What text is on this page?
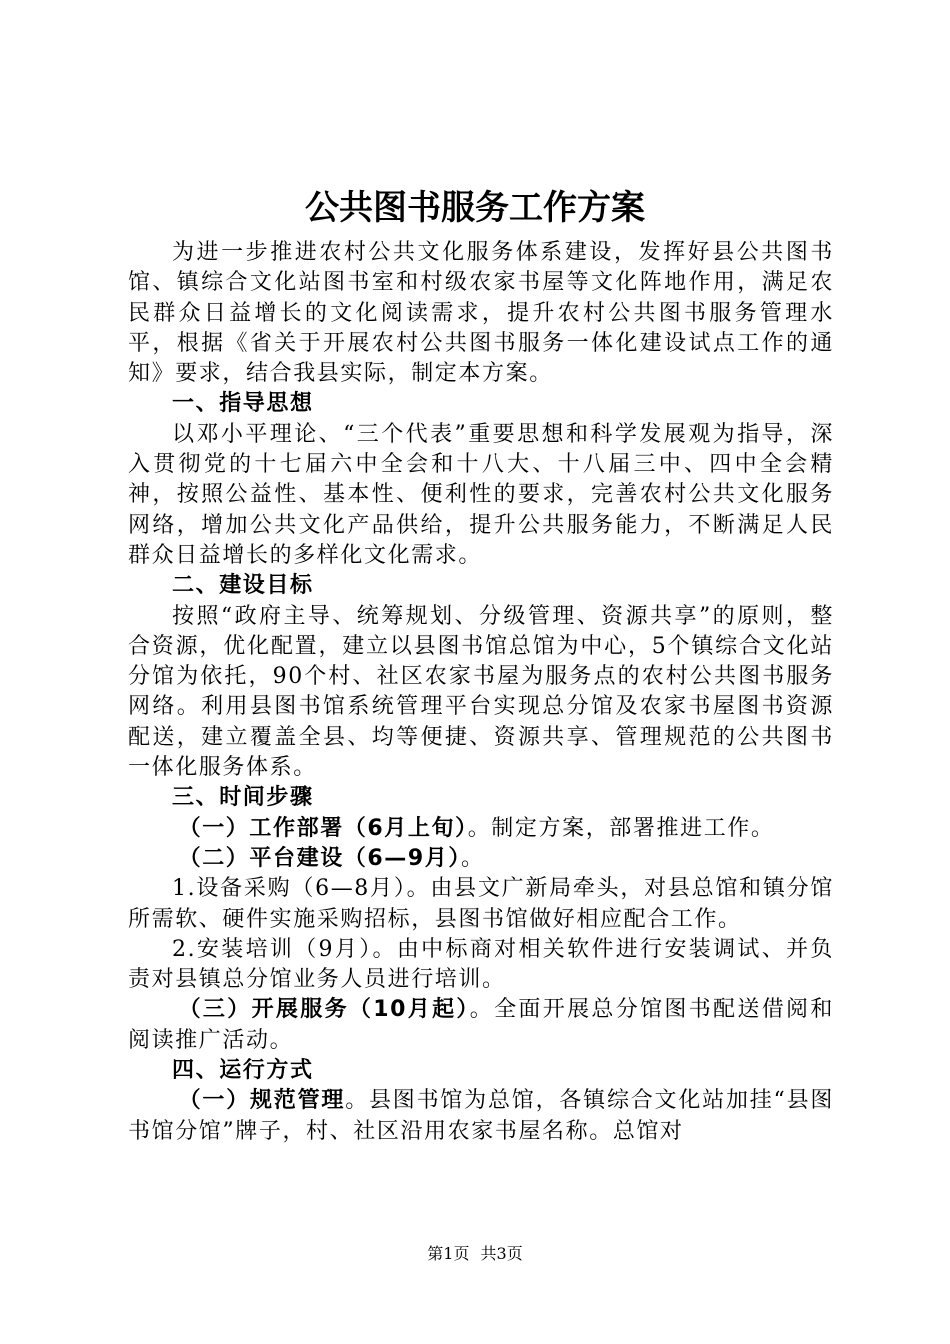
公共图书服务工作方案

为进一步推进农村公共文化服务体系建设，发挥好县公共图书馆、镇综合文化站图书室和村级农家书屋等文化阵地作用，满足农民群众日益增长的文化阅读需求，提升农村公共图书服务管理水平，根据《省关于开展农村公共图书服务一体化建设试点工作的通知》要求，结合我县实际，制定本方案。

一、指导思想

以邓小平理论、“三个代表”重要思想和科学发展观为指导，深入贯彻党的十七届六中全会和十八大、十八届三中、四中全会精神，按照公益性、基本性、便利性的要求，完善农村公共文化服务网络，增加公共文化产品供给，提升公共服务能力，不断满足人民群众日益增长的多样化文化需求。

二、建设目标

按照“政府主导、统筹规划、分级管理、资源共享”的原则，整合资源，优化配置，建立以县图书馆总馆为中心，5个镇综合文化站分馆为依托，90个村、社区农家书屋为服务点的农村公共图书服务网络。利用县图书馆系统管理平台实现总分馆及农家书屋图书资源配送，建立覆盖全县、均等便捷、资源共享、管理规范的公共图书一体化服务体系。

三、时间步骤

（一）工作部署（6月上旬）。制定方案，部署推进工作。

（二）平台建设（6—9月）。

1.设备采购（6—8月）。由县文广新局牵头，对县总馆和镇分馆所需软、硬件实施采购招标，县图书馆做好相应配合工作。

2.安装培训（9月）。由中标商对相关软件进行安装调试、并负责对县镇总分馆业务人员进行培训。

（三）开展服务（10月起）。全面开展总分馆图书配送借阅和阅读推广活动。

四、运行方式

（一）规范管理。县图书馆为总馆，各镇综合文化站加挂“县图书馆分馆”牌子，村、社区沿用农家书屋名称。总馆对

第1页 共3页
